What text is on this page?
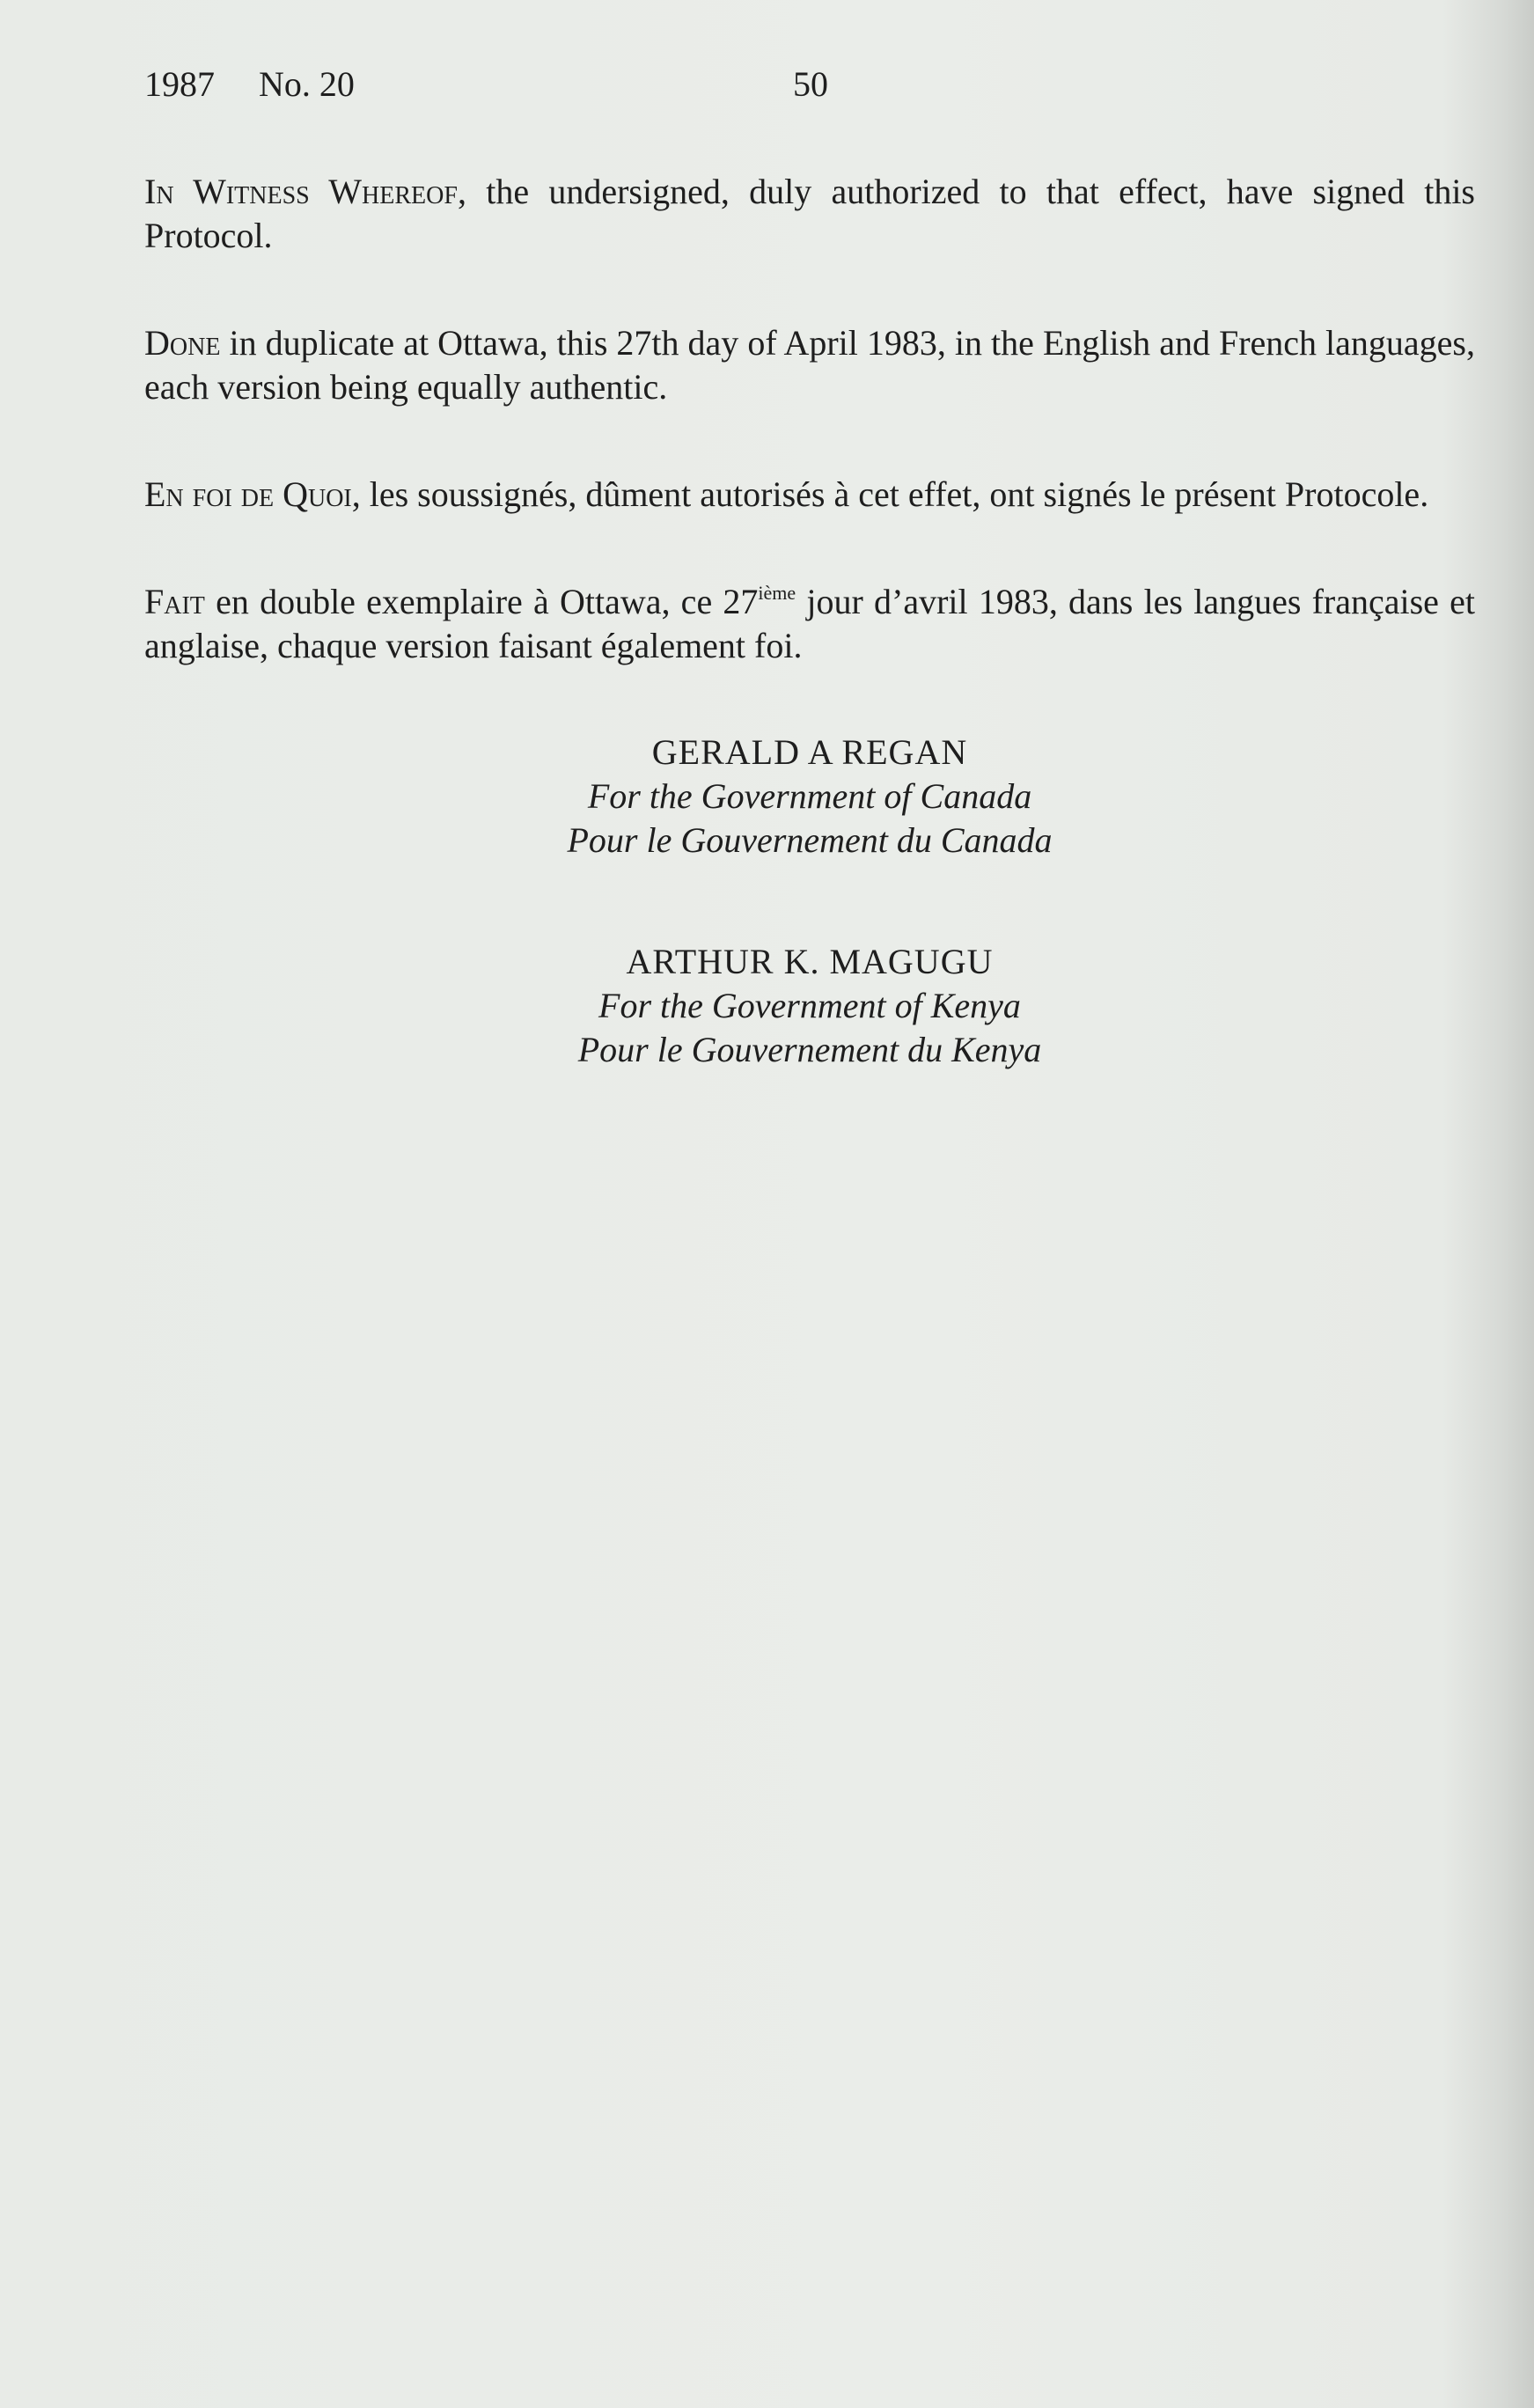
1987 No. 20	50

In Witness Whereof, the undersigned, duly authorized to that effect, have signed this Protocol.

Done in duplicate at Ottawa, this 27th day of April 1983, in the English and French languages, each version being equally authentic.

En foi de Quoi, les soussignés, dûment autorisés à cet effet, ont signés le présent Protocole.

Fait en double exemplaire à Ottawa, ce 27ième jour d’avril 1983, dans les langues française et anglaise, chaque version faisant également foi.

GERALD A REGAN
For the Government of Canada
Pour le Gouvernement du Canada
ARTHUR K. MAGUGU
For the Government of Kenya
Pour le Gouvernement du Kenya
